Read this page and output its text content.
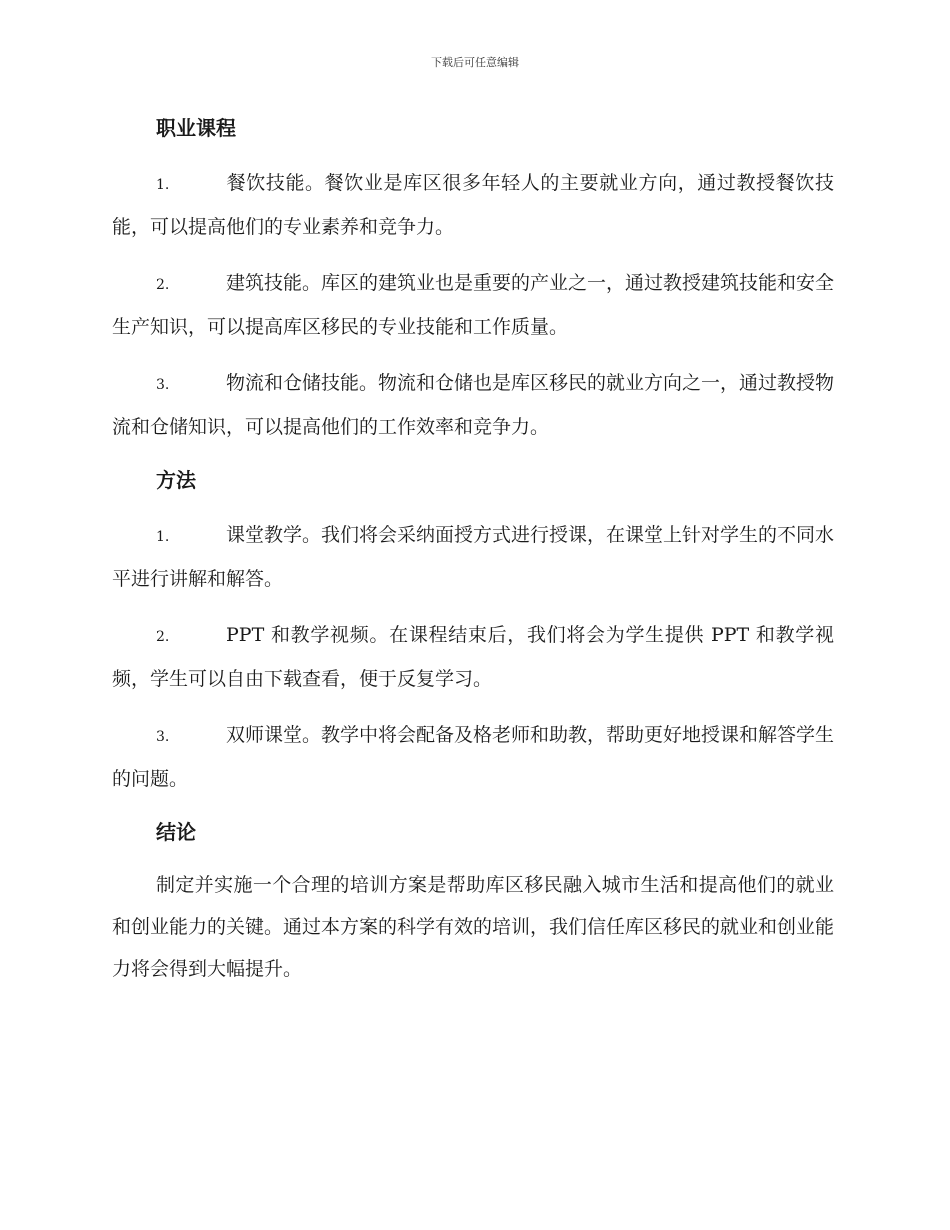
下载后可任意编辑
职业课程
1.	餐饮技能。餐饮业是库区很多年轻人的主要就业方向，通过教授餐饮技能，可以提高他们的专业素养和竞争力。
2.	建筑技能。库区的建筑业也是重要的产业之一，通过教授建筑技能和安全生产知识，可以提高库区移民的专业技能和工作质量。
3.	物流和仓储技能。物流和仓储也是库区移民的就业方向之一，通过教授物流和仓储知识，可以提高他们的工作效率和竞争力。
方法
1.	课堂教学。我们将会采纳面授方式进行授课，在课堂上针对学生的不同水平进行讲解和解答。
2.	PPT 和教学视频。在课程结束后，我们将会为学生提供 PPT 和教学视频，学生可以自由下载查看，便于反复学习。
3.	双师课堂。教学中将会配备及格老师和助教，帮助更好地授课和解答学生的问题。
结论
制定并实施一个合理的培训方案是帮助库区移民融入城市生活和提高他们的就业和创业能力的关键。通过本方案的科学有效的培训，我们信任库区移民的就业和创业能力将会得到大幅提升。
